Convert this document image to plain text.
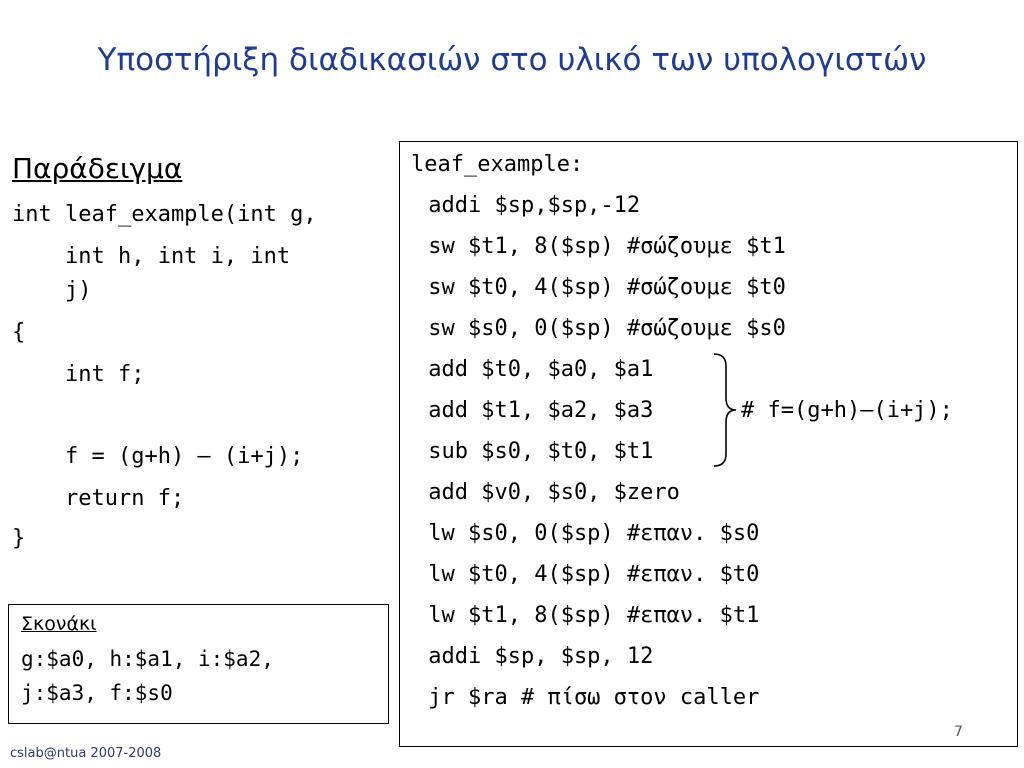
Υποστήριξη διαδικασιών στο υλικό των υπολογιστών
Παράδειγμα
int leaf_example(int g,
int h, int i, int
j)
{
int f;
f = (g+h) – (i+j);
return f;
}
Σκονάκι
g:$a0, h:$a1, i:$a2,
j:$a3, f:$s0
leaf_example:
addi $sp,$sp,-12
sw $t1, 8($sp) #σώζουμε $t1
sw $t0, 4($sp) #σώζουμε $t0
sw $s0, 0($sp) #σώζουμε $s0
add $t0, $a0, $a1
add $t1, $a2, $a3
sub $s0, $t0, $t1
add $v0, $s0, $zero
lw $s0, 0($sp) #επαν. $s0
lw $t0, 4($sp) #επαν. $t0
lw $t1, 8($sp) #επαν. $t1
addi $sp, $sp, 12
jr $ra # πίσω στον caller
# f=(g+h)–(i+j);
7
cslab@ntua 2007-2008
